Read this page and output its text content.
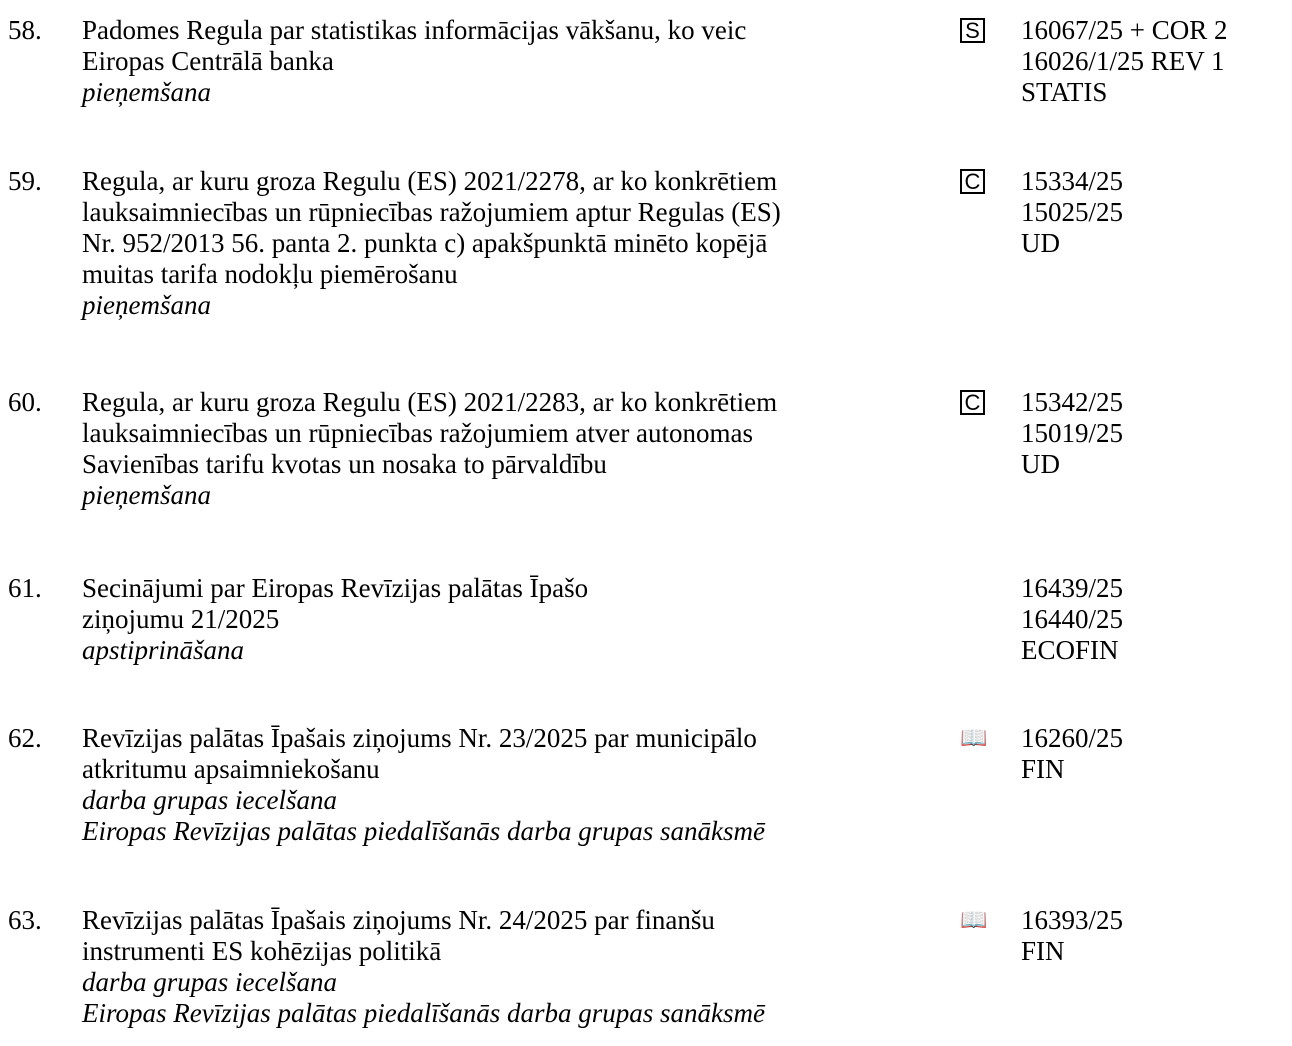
58. Padomes Regula par statistikas informācijas vākšanu, ko veic
Eiropas Centrālā banka
pieņemšana
S 16067/25 + COR 2
16026/1/25 REV 1
STATIS
59. Regula, ar kuru groza Regulu (ES) 2021/2278, ar ko konkrētiem
lauksaimniecības un rūpniecības ražojumiem aptur Regulas (ES)
Nr. 952/2013 56. panta 2. punkta c) apakšpunktā minēto kopējā
muitas tarifa nodokļu piemērošanu
pieņemšana
C 15334/25
15025/25
UD
60. Regula, ar kuru groza Regulu (ES) 2021/2283, ar ko konkrētiem
lauksaimniecības un rūpniecības ražojumiem atver autonomas
Savienības tarifu kvotas un nosaka to pārvaldību
pieņemšana
C 15342/25
15019/25
UD
61. Secinājumi par Eiropas Revīzijas palātas Īpašo
ziņojumu 21/2025
apstiprināšana
16439/25
16440/25
ECOFIN
62. Revīzijas palātas Īpašais ziņojums Nr. 23/2025 par municipālo
atkritumu apsaimniekošanu
darba grupas iecelšana
Eiropas Revīzijas palātas piedalīšanās darba grupas sanāksmē
📖 16260/25
FIN
63. Revīzijas palātas Īpašais ziņojums Nr. 24/2025 par finanšu
instrumenti ES kohēzijas politikā
darba grupas iecelšana
Eiropas Revīzijas palātas piedalīšanās darba grupas sanāksmē
📖 16393/25
FIN
